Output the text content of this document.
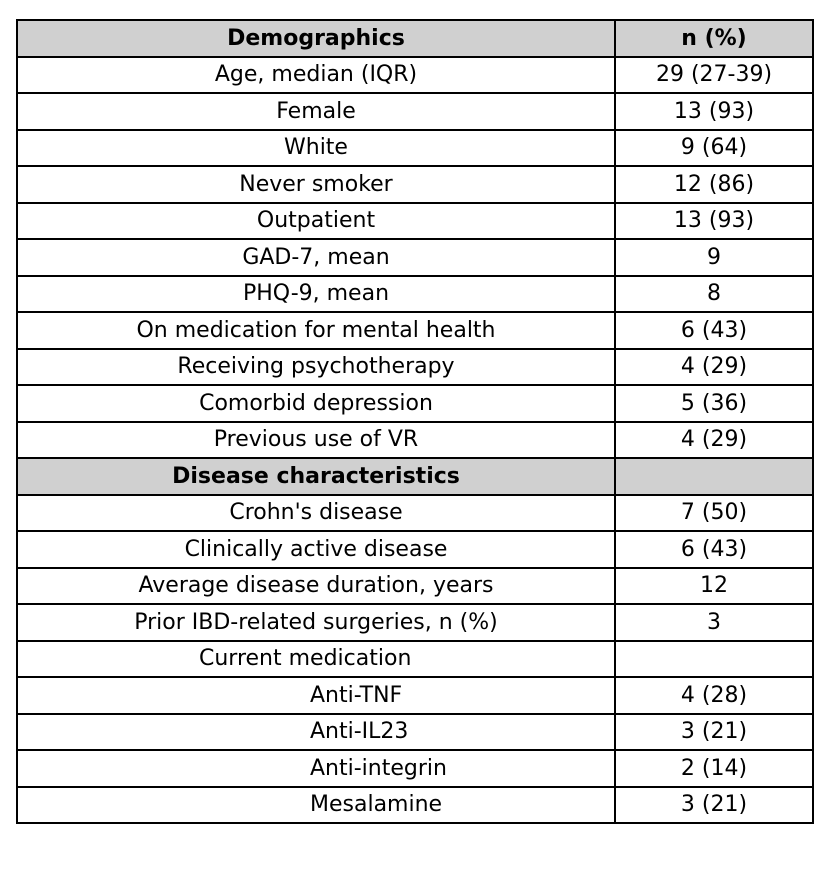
Demographics	n (%)
Age, median (IQR)	29 (27-39)
Female	13 (93)
White	9 (64)
Never smoker	12 (86)
Outpatient	13 (93)
GAD-7, mean	9
PHQ-9, mean	8
On medication for mental health	6 (43)
Receiving psychotherapy	4 (29)
Comorbid depression	5 (36)
Previous use of VR	4 (29)
Disease characteristics	
Crohn's disease	7 (50)
Clinically active disease	6 (43)
Average disease duration, years	12
Prior IBD-related surgeries, n (%)	3
Current medication	
Anti-TNF	4 (28)
Anti-IL23	3 (21)
Anti-integrin	2 (14)
Mesalamine	3 (21)
